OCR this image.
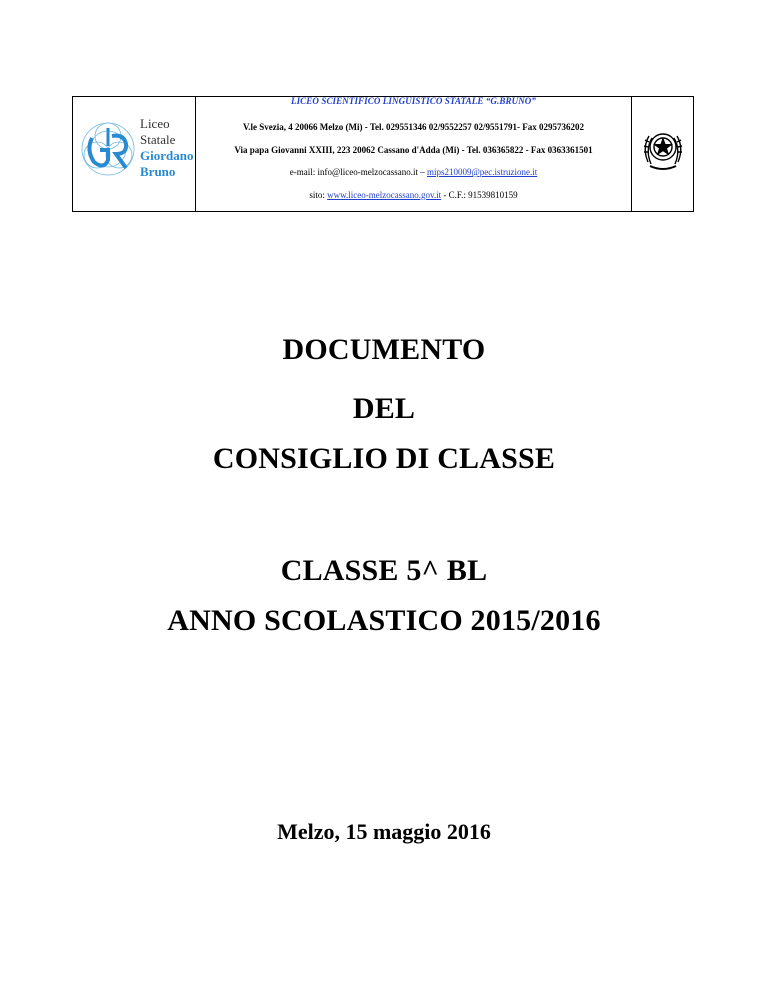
Liceo
Statale
Giordano
Bruno
LICEO SCIENTIFICO LINGUISTICO STATALE “G.BRUNO”
V.le Svezia, 4 20066 Melzo (Mi) - Tel. 029551346 02/9552257 02/9551791- Fax 0295736202
Via papa Giovanni XXIII, 223 20062 Cassano d'Adda (Mi) - Tel. 036365822 - Fax 0363361501
e-mail: info@liceo-melzocassano.it – mips210009@pec.istruzione.it
sito: www.liceo-melzocassano.gov.it - C.F.: 91539810159
DOCUMENTO
DEL
CONSIGLIO DI CLASSE
CLASSE 5^ BL
ANNO SCOLASTICO 2015/2016
Melzo, 15 maggio 2016
